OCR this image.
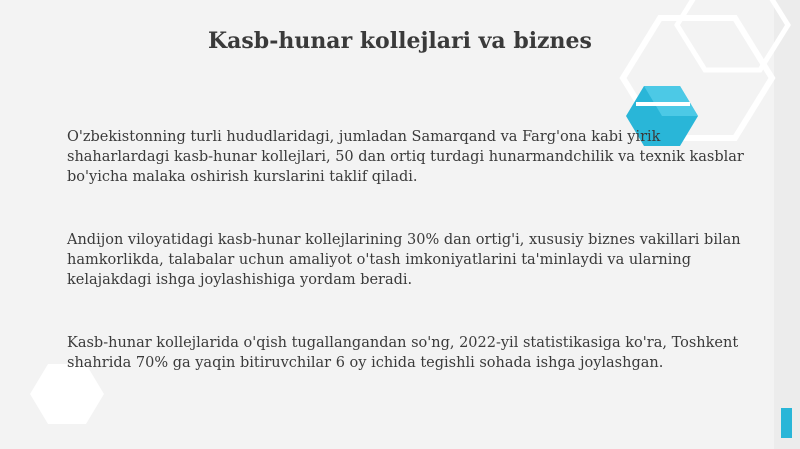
Kasb-hunar kollejlari va biznes
O'zbekistonning turli hududlaridagi, jumladan Samarqand va Farg'ona kabi yirik shaharlardagi kasb-hunar kollejlari, 50 dan ortiq turdagi hunarmandchilik va texnik kasblar bo'yicha malaka oshirish kurslarini taklif qiladi.
Andijon viloyatidagi kasb-hunar kollejlarining 30% dan ortig'i, xususiy biznes vakillari bilan hamkorlikda, talabalar uchun amaliyot o'tash imkoniyatlarini ta'minlaydi va ularning kelajakdagi ishga joylashishiga yordam beradi.
Kasb-hunar kollejlarida o'qish tugallangandan so'ng, 2022-yil statistikasiga ko'ra, Toshkent shahrida 70% ga yaqin bitiruvchilar 6 oy ichida tegishli sohada ishga joylashgan.
